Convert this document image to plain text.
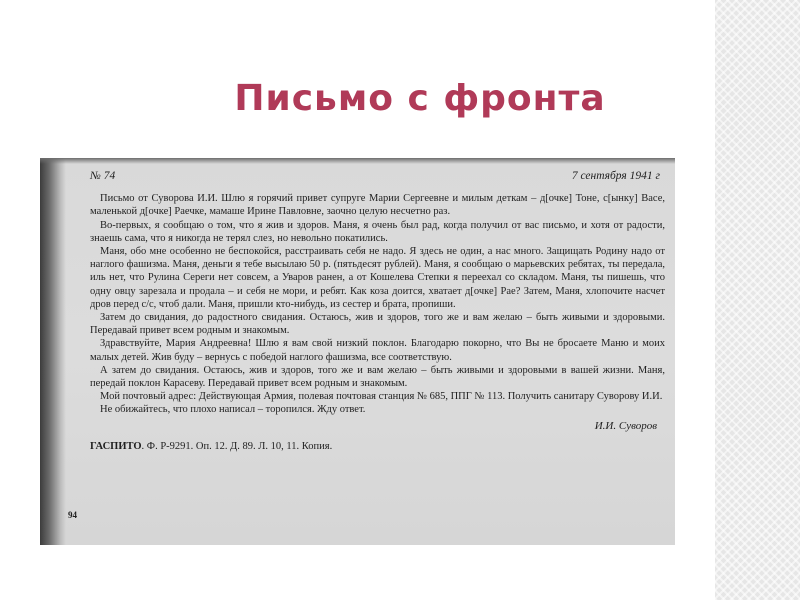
Письмо с фронта
№ 74	7 сентября 1941 г

Письмо от Суворова И.И. Шлю я горячий привет супруге Марии Сергеевне и милым деткам – д[очке] Тоне, с[ынку] Васе, маленькой д[очке] Раечке, мамаше Ирине Павловне, заочно целую несчетно раз.

Во-первых, я сообщаю о том, что я жив и здоров. Маня, я очень был рад, когда получил от вас письмо, и хотя от радости, знаешь сама, что я никогда не терял слез, но невольно покатились.

Маня, обо мне особенно не беспокойся, расстраивать себя не надо. Я здесь не один, а нас много. Защищать Родину надо от наглого фашизма. Маня, деньги я тебе высылаю 50 р. (пятьдесят рублей). Маня, я сообщаю о марьевских ребятах, ты передала, иль нет, что Рулина Сереги нет совсем, а Уваров ранен, а от Кошелева Степки я переехал со складом. Маня, ты пишешь, что одну овцу зарезала и продала – и себя не мори, и ребят. Как коза доится, хватает д[очке] Рае? Затем, Маня, хлопочите насчет дров перед с/с, чтоб дали. Маня, пришли кто-нибудь, из сестер и брата, пропиши.

Затем до свидания, до радостного свидания. Остаюсь, жив и здоров, того же и вам желаю – быть живыми и здоровыми. Передавай привет всем родным и знакомым.

Здравствуйте, Мария Андреевна! Шлю я вам свой низкий поклон. Благодарю покорно, что Вы не бросаете Маню и моих малых детей. Жив буду – вернусь с победой наглого фашизма, все соответствую.

А затем до свидания. Остаюсь, жив и здоров, того же и вам желаю – быть живыми и здоровыми в вашей жизни. Маня, передай поклон Карасеву. Передавай привет всем родным и знакомым.

Мой почтовый адрес: Действующая Армия, полевая почтовая станция № 685, ППГ № 113. Получить санитару Суворову И.И.

Не обижайтесь, что плохо написал – торопился. Жду ответ.

И.И. Суворов

ГАСПИТО. Ф. Р-9291. Оп. 12. Д. 89. Л. 10, 11. Копия.

94
